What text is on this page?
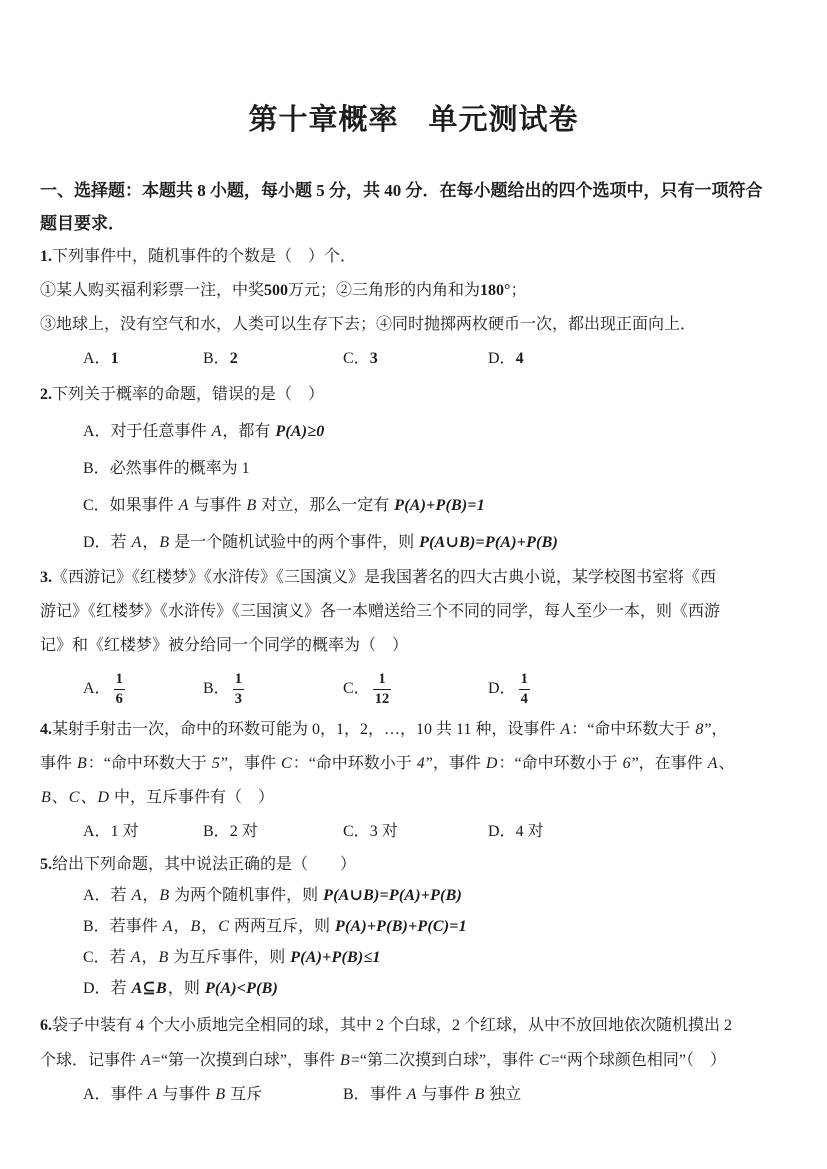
第十章概率　单元测试卷
一、选择题：本题共 8 小题，每小题 5 分，共 40 分．在每小题给出的四个选项中，只有一项符合
题目要求．
1.下列事件中，随机事件的个数是（　）个．
①某人购买福利彩票一注，中奖500万元；②三角形的内角和为180°；
③地球上，没有空气和水，人类可以生存下去；④同时抛掷两枚硬币一次，都出现正面向上．
A．1	B．2	C．3	D．4
2.下列关于概率的命题，错误的是（　）
A．对于任意事件 A，都有 P(A)≥0
B．必然事件的概率为 1
C．如果事件 A 与事件 B 对立，那么一定有 P(A)+P(B)=1
D．若 A，B 是一个随机试验中的两个事件，则 P(A∪B)=P(A)+P(B)
3.《西游记》《红楼梦》《水浒传》《三国演义》是我国著名的四大古典小说，某学校图书室将《西
游记》《红楼梦》《水浒传》《三国演义》各一本赠送给三个不同的同学，每人至少一本，则《西游
记》和《红楼梦》被分给同一个同学的概率为（　）
A． $\frac{1}{6}$	B． $\frac{1}{3}$	C． $\frac{1}{12}$	D． $\frac{1}{4}$
4.某射手射击一次，命中的环数可能为 0，1，2，…，10 共 11 种，设事件 A：“命中环数大于 8”，
事件 B：“命中环数大于 5”，事件 C：“命中环数小于 4”，事件 D：“命中环数小于 6”，在事件 A、
B、C、D 中，互斥事件有（　）
A．1 对	B．2 对	C．3 对	D．4 对
5.给出下列命题，其中说法正确的是（　　）
A．若 A，B 为两个随机事件，则 P(A∪B)=P(A)+P(B)
B．若事件 A，B，C 两两互斥，则 P(A)+P(B)+P(C)=1
C．若 A，B 为互斥事件，则 P(A)+P(B)≤1
D．若 A⊆B，则 P(A)<P(B)
6.袋子中装有 4 个大小质地完全相同的球，其中 2 个白球，2 个红球，从中不放回地依次随机摸出 2
个球．记事件 A=“第一次摸到白球”，事件 B=“第二次摸到白球”，事件 C=“两个球颜色相同”（　）
A．事件 A 与事件 B 互斥	B．事件 A 与事件 B 独立
